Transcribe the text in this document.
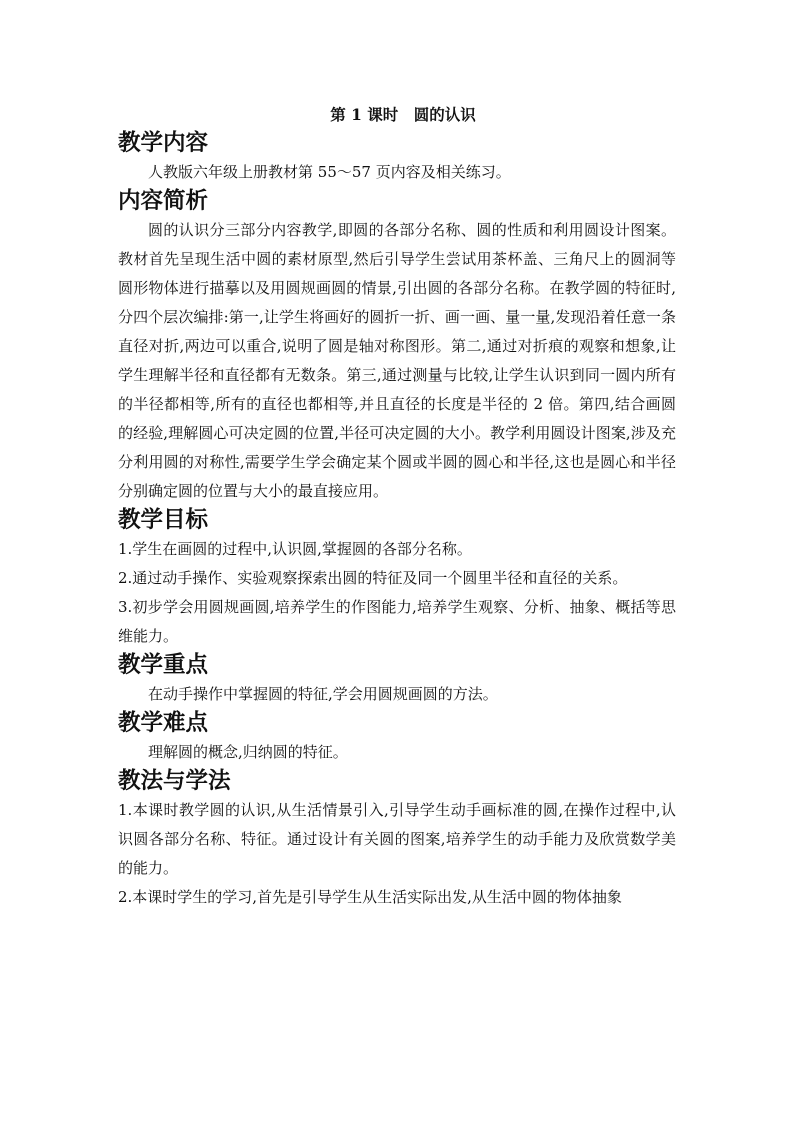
第 1 课时　圆的认识
教学内容

人教版六年级上册教材第 55～57 页内容及相关练习。

内容简析

圆的认识分三部分内容教学,即圆的各部分名称、圆的性质和利用圆设计图案。 教材首先呈现生活中圆的素材原型,然后引导学生尝试用茶杯盖、三角尺上的圆洞等圆形物体进行描摹以及用圆规画圆的情景,引出圆的各部分名称。在教学圆的特征时,分四个层次编排:第一,让学生将画好的圆折一折、画一画、量一量,发现沿着任意一条直径对折,两边可以重合,说明了圆是轴对称图形。第二,通过对折痕的观察和想象,让学生理解半径和直径都有无数条。第三,通过测量与比较,让学生认识到同一圆内所有的半径都相等,所有的直径也都相等,并且直径的长度是半径的 2 倍。第四,结合画圆的经验,理解圆心可决定圆的位置,半径可决定圆的大小。教学利用圆设计图案,涉及充分利用圆的对称性,需要学生学会确定某个圆或半圆的圆心和半径,这也是圆心和半径分别确定圆的位置与大小的最直接应用。

教学目标

1.学生在画圆的过程中,认识圆,掌握圆的各部分名称。

2.通过动手操作、实验观察探索出圆的特征及同一个圆里半径和直径的关系。

3.初步学会用圆规画圆,培养学生的作图能力,培养学生观察、分析、抽象、概括等思维能力。

教学重点

在动手操作中掌握圆的特征,学会用圆规画圆的方法。

教学难点

理解圆的概念,归纳圆的特征。

教法与学法

1.本课时教学圆的认识,从生活情景引入,引导学生动手画标准的圆,在操作过程中,认识圆各部分名称、特征。通过设计有关圆的图案,培养学生的动手能力及欣赏数学美的能力。

2.本课时学生的学习,首先是引导学生从生活实际出发,从生活中圆的物体抽象
